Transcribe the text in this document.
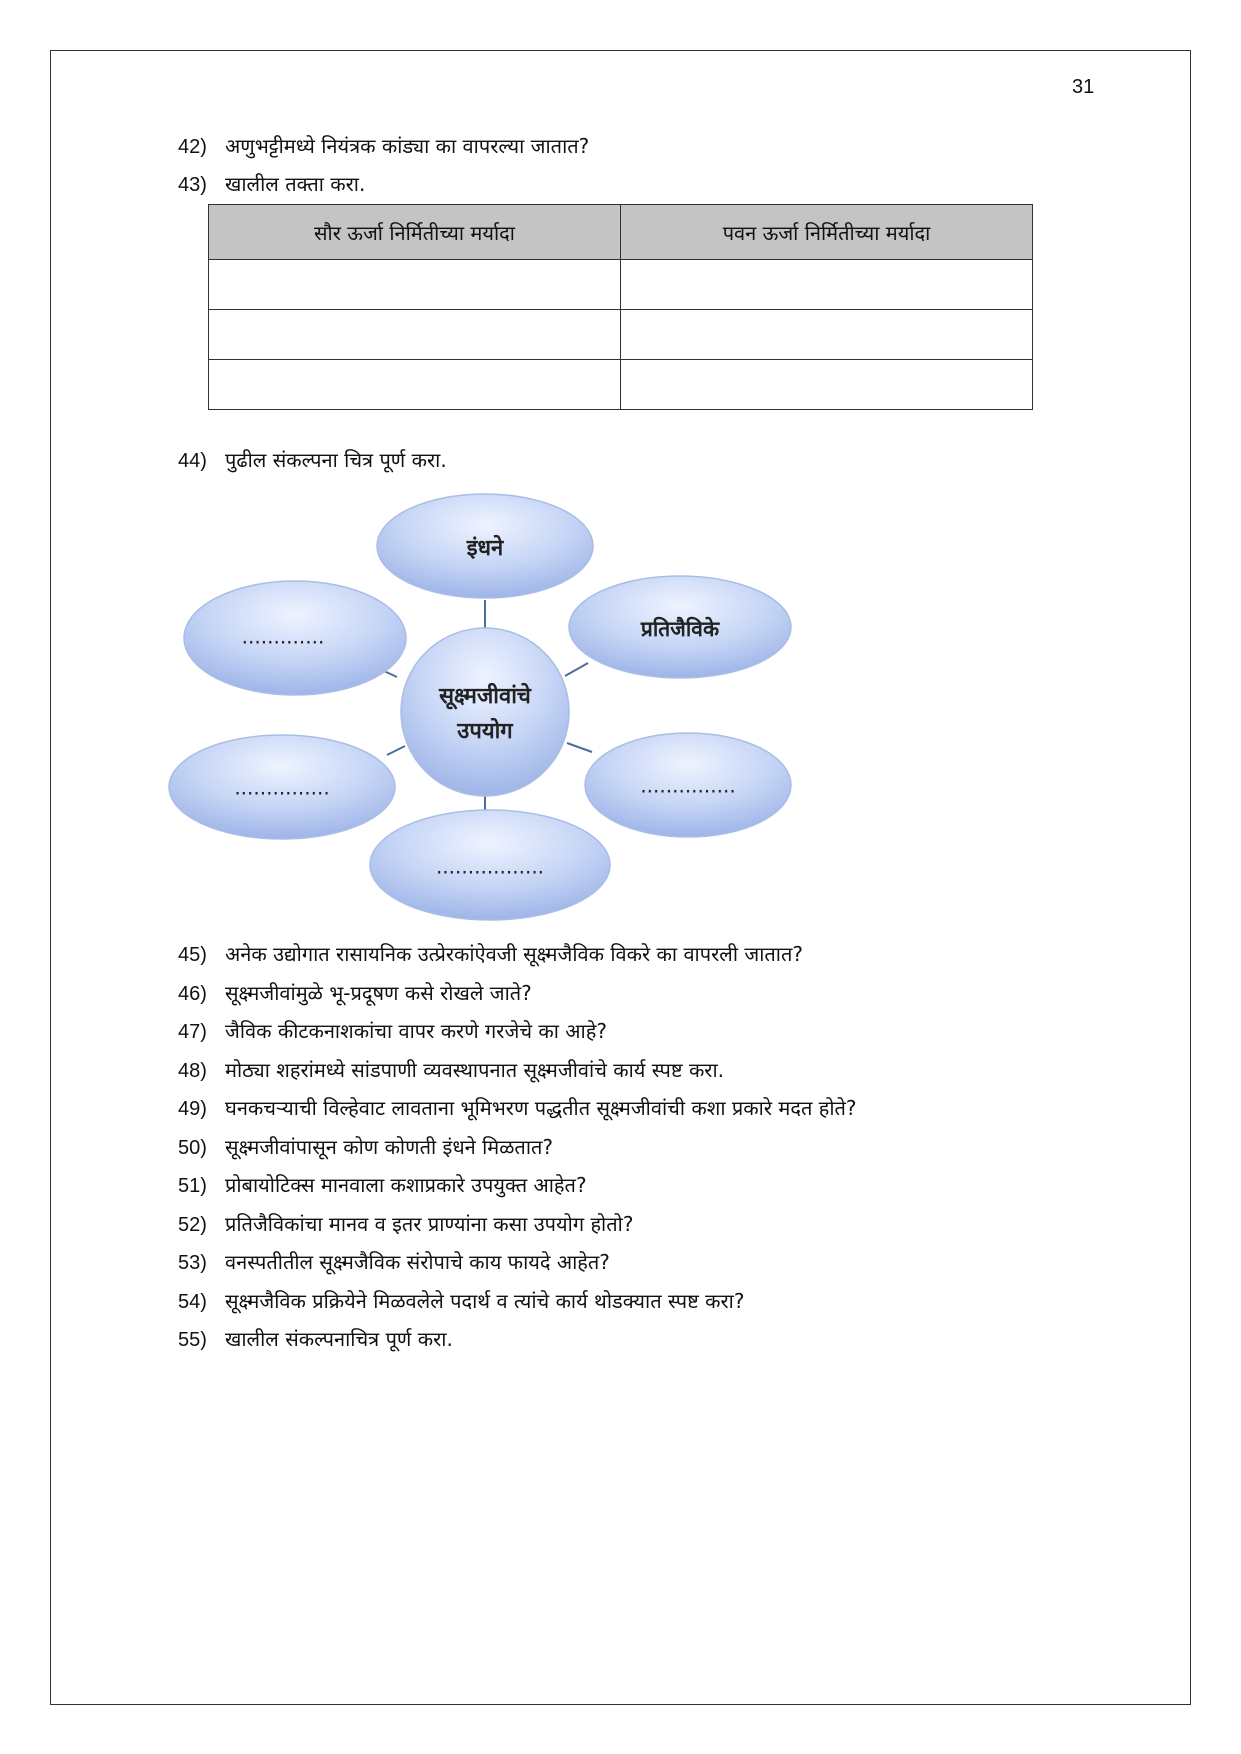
31
42) अणुभट्टीमध्ये नियंत्रक कांड्या का वापरल्या जातात?
43) खालील तक्ता करा.
सौर ऊर्जा निर्मितीच्या मर्यादा	पवन ऊर्जा निर्मितीच्या मर्यादा

44) पुढील संकल्पना चित्र पूर्ण करा.
इंधने
प्रतिजैविके
.............
...............
.................
...............
सूक्ष्मजीवांचे
उपयोग
45) अनेक उद्योगात रासायनिक उत्प्रेरकांऐवजी सूक्ष्मजैविक विकरे का वापरली जातात?
46) सूक्ष्मजीवांमुळे भू-प्रदूषण कसे रोखले जाते?
47) जैविक कीटकनाशकांचा वापर करणे गरजेचे का आहे?
48) मोठ्या शहरांमध्ये सांडपाणी व्यवस्थापनात सूक्ष्मजीवांचे कार्य स्पष्ट करा.
49) घनकचऱ्याची विल्हेवाट लावताना भूमिभरण पद्धतीत सूक्ष्मजीवांची कशा प्रकारे मदत होते?
50) सूक्ष्मजीवांपासून कोण कोणती इंधने मिळतात?
51) प्रोबायोटिक्स मानवाला कशाप्रकारे उपयुक्त आहेत?
52) प्रतिजैविकांचा मानव व इतर प्राण्यांना कसा उपयोग होतो?
53) वनस्पतीतील सूक्ष्मजैविक संरोपाचे काय फायदे आहेत?
54) सूक्ष्मजैविक प्रक्रियेने मिळवलेले पदार्थ व त्यांचे कार्य थोडक्यात स्पष्ट करा?
55) खालील संकल्पनाचित्र पूर्ण करा.
